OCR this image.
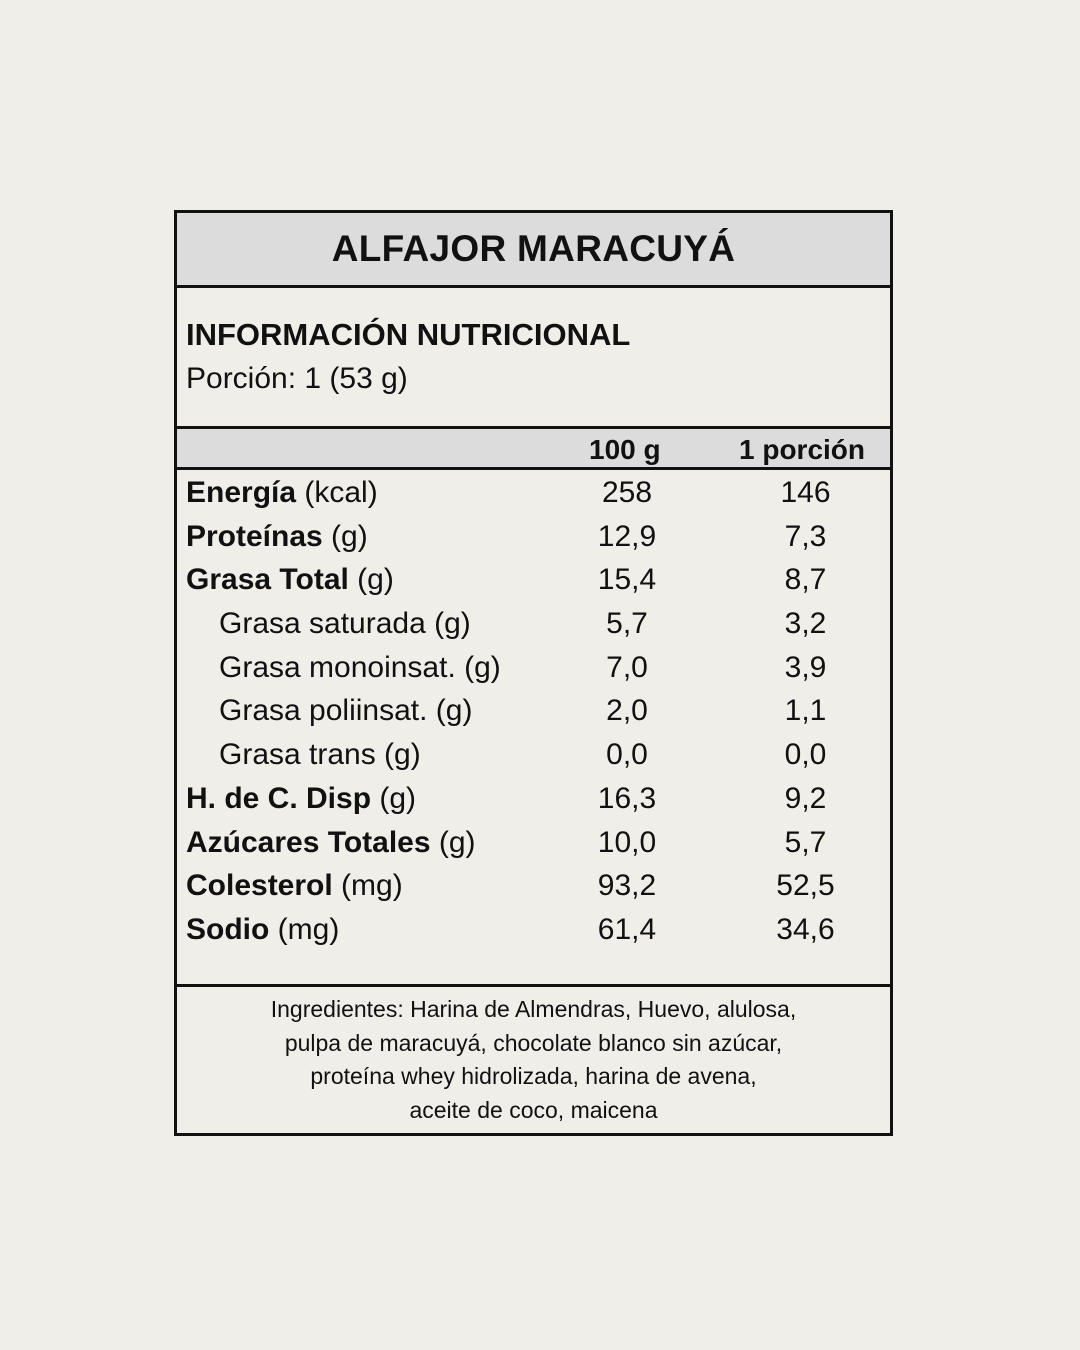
ALFAJOR MARACUYÁ
INFORMACIÓN NUTRICIONAL
Porción: 1 (53 g)
100 g	1 porción
Energía (kcal)	258	146
Proteínas (g)	12,9	7,3
Grasa Total (g)	15,4	8,7
Grasa saturada (g)	5,7	3,2
Grasa monoinsat. (g)	7,0	3,9
Grasa poliinsat. (g)	2,0	1,1
Grasa trans (g)	0,0	0,0
H. de C. Disp (g)	16,3	9,2
Azúcares Totales (g)	10,0	5,7
Colesterol (mg)	93,2	52,5
Sodio (mg)	61,4	34,6
Ingredientes: Harina de Almendras, Huevo, alulosa,
pulpa de maracuyá, chocolate blanco sin azúcar,
proteína whey hidrolizada, harina de avena,
aceite de coco, maicena
